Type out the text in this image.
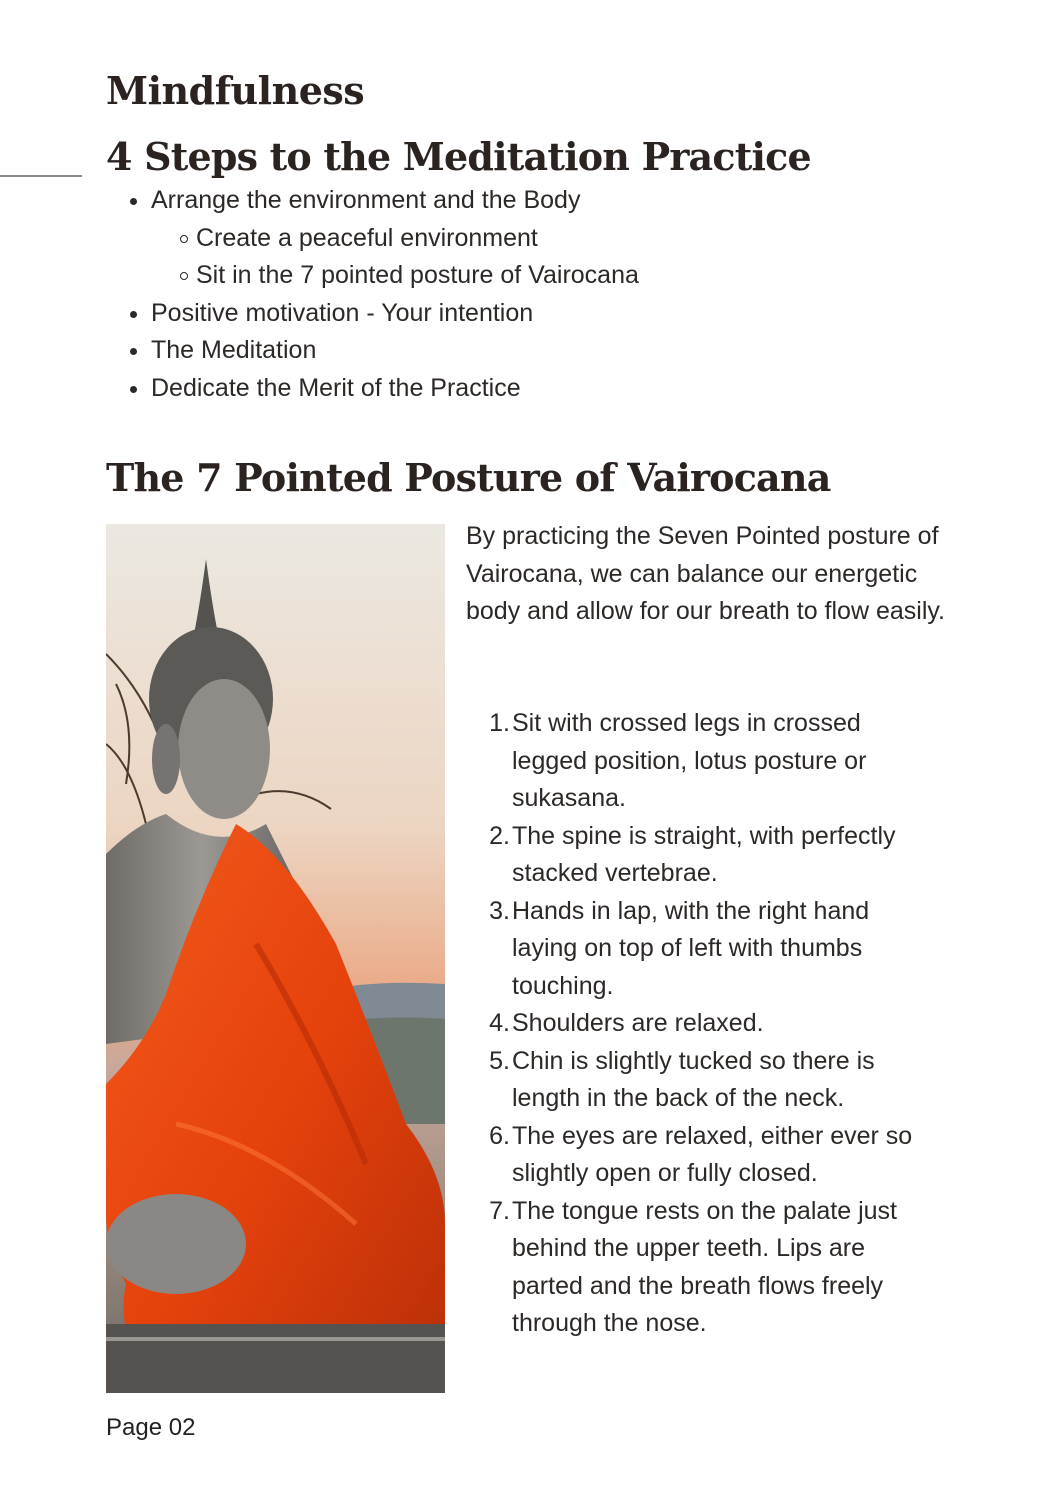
Mindfulness
4 Steps to the Meditation Practice
Arrange the environment and the Body
Create a peaceful environment
Sit in the 7 pointed posture of Vairocana
Positive motivation - Your intention
The Meditation
Dedicate the Merit of the Practice
The 7 Pointed Posture of Vairocana

By practicing the Seven Pointed posture of Vairocana, we can balance our energetic body and allow for our breath to flow easily.

1. Sit with crossed legs in crossed legged position, lotus posture or sukasana.
2. The spine is straight, with perfectly stacked vertebrae.
3. Hands in lap, with the right hand laying on top of left with thumbs touching.
4. Shoulders are relaxed.
5. Chin is slightly tucked so there is length in the back of the neck.
6. The eyes are relaxed, either ever so slightly open or fully closed.
7. The tongue rests on the palate just behind the upper teeth. Lips are parted and the breath flows freely through the nose.
Page 02
